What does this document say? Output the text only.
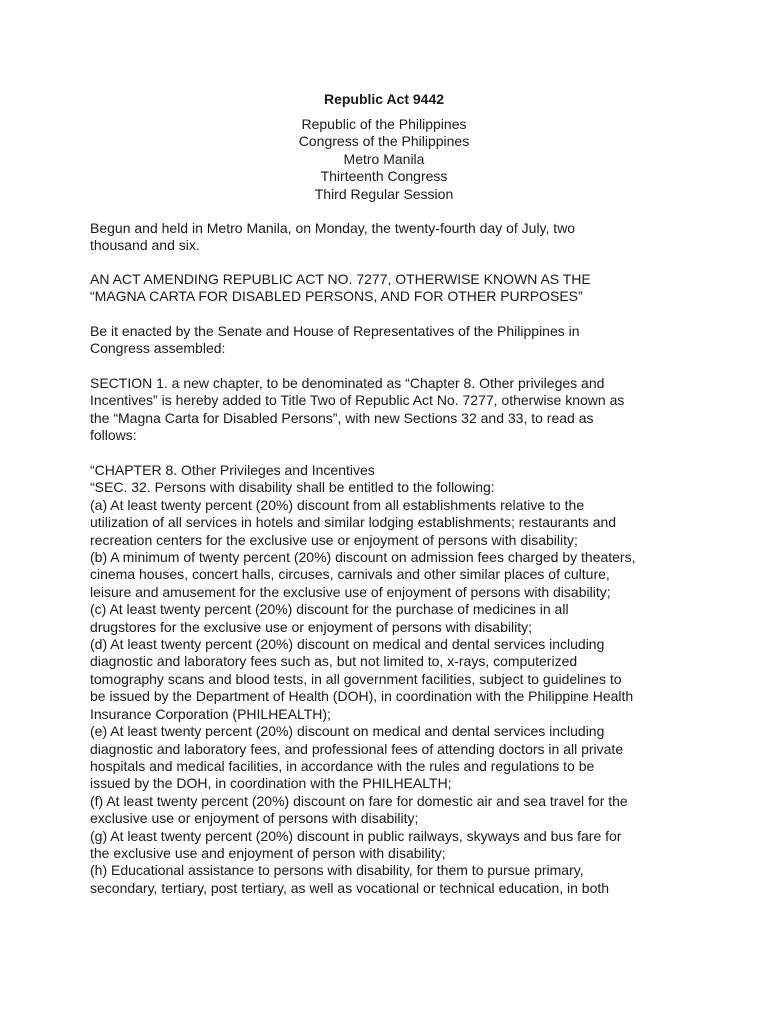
Republic Act 9442
Republic of the Philippines
Congress of the Philippines
Metro Manila
Thirteenth Congress
Third Regular Session
Begun and held in Metro Manila, on Monday, the twenty-fourth day of July, two
thousand and six.
AN ACT AMENDING REPUBLIC ACT NO. 7277, OTHERWISE KNOWN AS THE
“MAGNA CARTA FOR DISABLED PERSONS, AND FOR OTHER PURPOSES”
Be it enacted by the Senate and House of Representatives of the Philippines in
Congress assembled:
SECTION 1. a new chapter, to be denominated as “Chapter 8. Other privileges and
Incentives” is hereby added to Title Two of Republic Act No. 7277, otherwise known as
the “Magna Carta for Disabled Persons”, with new Sections 32 and 33, to read as
follows:
“CHAPTER 8. Other Privileges and Incentives
“SEC. 32. Persons with disability shall be entitled to the following:
(a) At least twenty percent (20%) discount from all establishments relative to the
utilization of all services in hotels and similar lodging establishments; restaurants and
recreation centers for the exclusive use or enjoyment of persons with disability;
(b) A minimum of twenty percent (20%) discount on admission fees charged by theaters,
cinema houses, concert halls, circuses, carnivals and other similar places of culture,
leisure and amusement for the exclusive use of enjoyment of persons with disability;
(c) At least twenty percent (20%) discount for the purchase of medicines in all
drugstores for the exclusive use or enjoyment of persons with disability;
(d) At least twenty percent (20%) discount on medical and dental services including
diagnostic and laboratory fees such as, but not limited to, x-rays, computerized
tomography scans and blood tests, in all government facilities, subject to guidelines to
be issued by the Department of Health (DOH), in coordination with the Philippine Health
Insurance Corporation (PHILHEALTH);
(e) At least twenty percent (20%) discount on medical and dental services including
diagnostic and laboratory fees, and professional fees of attending doctors in all private
hospitals and medical facilities, in accordance with the rules and regulations to be
issued by the DOH, in coordination with the PHILHEALTH;
(f) At least twenty percent (20%) discount on fare for domestic air and sea travel for the
exclusive use or enjoyment of persons with disability;
(g) At least twenty percent (20%) discount in public railways, skyways and bus fare for
the exclusive use and enjoyment of person with disability;
(h) Educational assistance to persons with disability, for them to pursue primary,
secondary, tertiary, post tertiary, as well as vocational or technical education, in both
